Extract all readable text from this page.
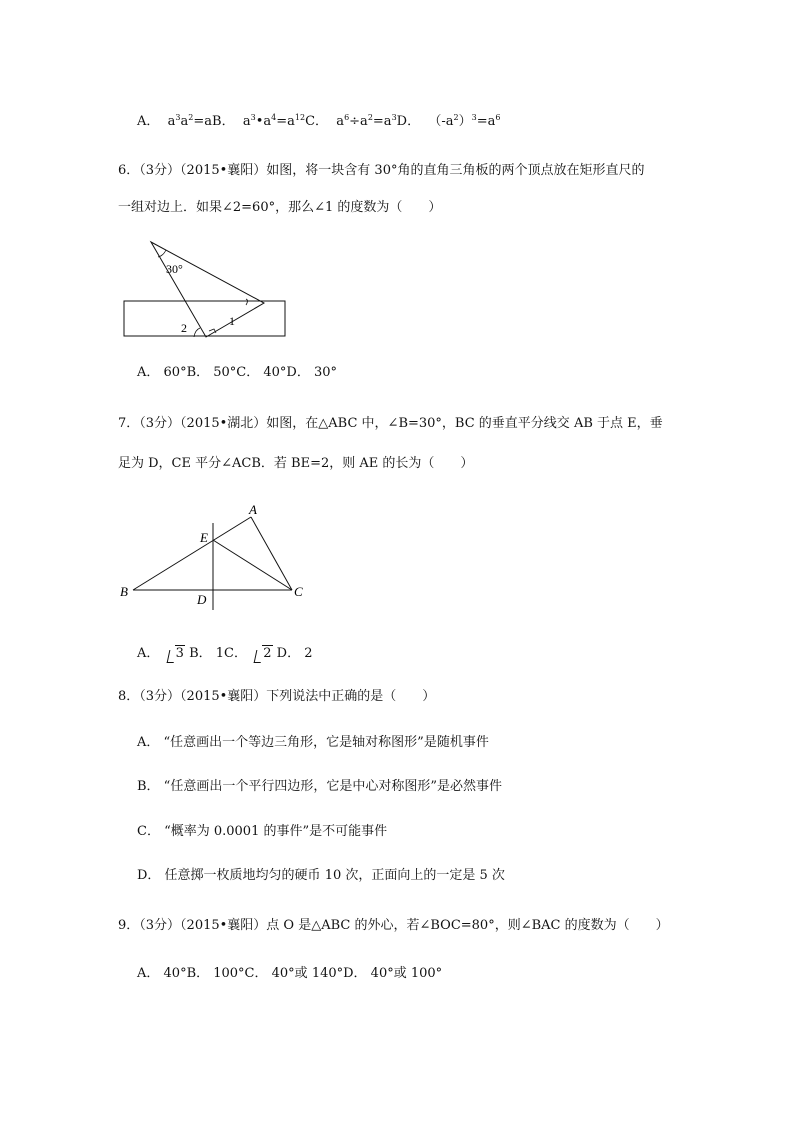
A． $a^3a^2=aB$． $a^3•a^4=a^{12}C$． $a^6\div a^2=a^3D$． $(-a^2)^3=a^6$
6．（3分）（2015•襄阳）如图，将一块含有 30°角的直角三角板的两个顶点放在矩形直尺的
一组对边上．如果∠2=60°，那么∠1 的度数为（　　）
30°
1
2
A． 60°B． 50°C． 40°D． 30°
7．（3分）（2015•湖北）如图，在△ABC 中，∠B=30°，BC 的垂直平分线交 AB 于点 E，垂
足为 D，CE 平分∠ACB．若 BE=2，则 AE 的长为（　　）
A
E
B
D
C
A． 3 B． 1C． 2 D． 2
8．（3分）（2015•襄阳）下列说法中正确的是（　　）
A． “任意画出一个等边三角形，它是轴对称图形”是随机事件
B． “任意画出一个平行四边形，它是中心对称图形”是必然事件
C． “概率为 0.0001 的事件”是不可能事件
D． 任意掷一枚质地均匀的硬币 10 次，正面向上的一定是 5 次
9．（3分）（2015•襄阳）点 O 是△ABC 的外心，若∠BOC=80°，则∠BAC 的度数为（　　）
A． 40°B． 100°C． 40°或 140°D． 40°或 100°
